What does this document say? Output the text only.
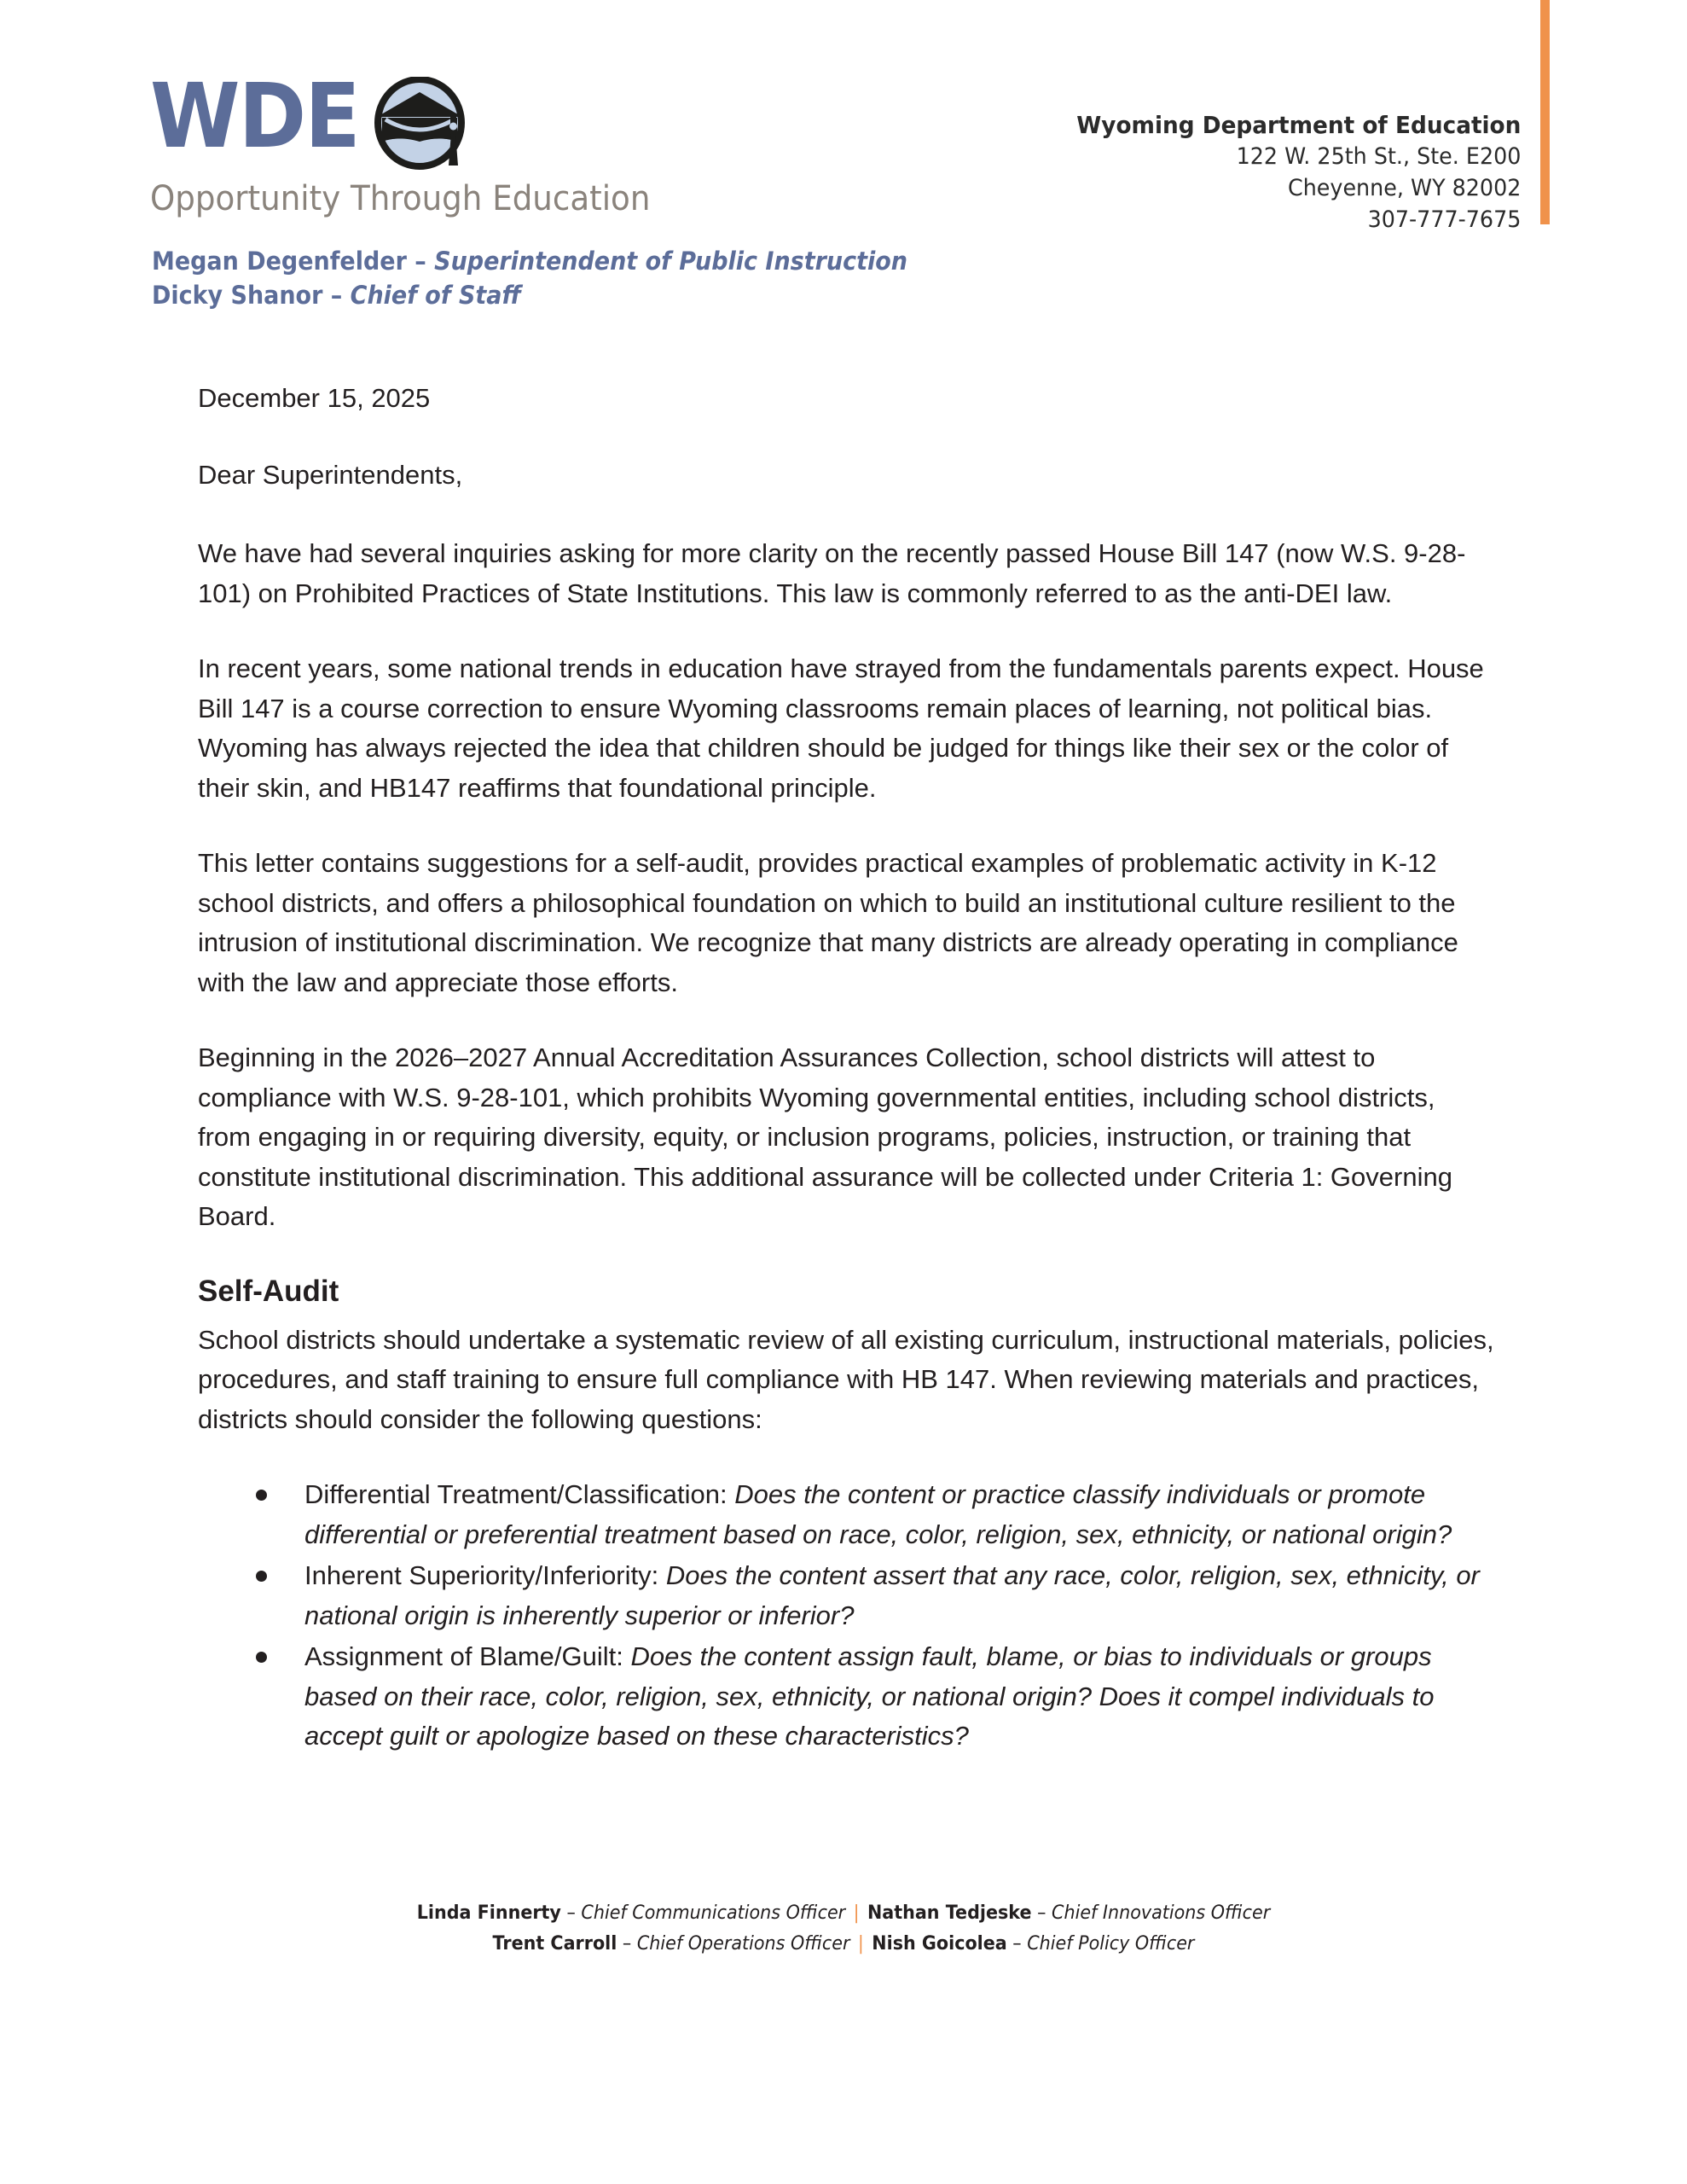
WDE
Opportunity Through Education
Megan Degenfelder – Superintendent of Public Instruction
Dicky Shanor – Chief of Staff
Wyoming Department of Education
122 W. 25th St., Ste. E200
Cheyenne, WY 82002
307-777-7675
December 15, 2025
Dear Superintendents,

We have had several inquiries asking for more clarity on the recently passed House Bill 147 (now W.S. 9-28-101) on Prohibited Practices of State Institutions. This law is commonly referred to as the anti-DEI law.

In recent years, some national trends in education have strayed from the fundamentals parents expect. House Bill 147 is a course correction to ensure Wyoming classrooms remain places of learning, not political bias. Wyoming has always rejected the idea that children should be judged for things like their sex or the color of their skin, and HB147 reaffirms that foundational principle.

This letter contains suggestions for a self-audit, provides practical examples of problematic activity in K-12 school districts, and offers a philosophical foundation on which to build an institutional culture resilient to the intrusion of institutional discrimination. We recognize that many districts are already operating in compliance with the law and appreciate those efforts.

Beginning in the 2026–2027 Annual Accreditation Assurances Collection, school districts will attest to compliance with W.S. 9-28-101, which prohibits Wyoming governmental entities, including school districts, from engaging in or requiring diversity, equity, or inclusion programs, policies, instruction, or training that constitute institutional discrimination. This additional assurance will be collected under Criteria 1: Governing Board.

Self-Audit

School districts should undertake a systematic review of all existing curriculum, instructional materials, policies, procedures, and staff training to ensure full compliance with HB 147. When reviewing materials and practices, districts should consider the following questions:

Differential Treatment/Classification: Does the content or practice classify individuals or promote differential or preferential treatment based on race, color, religion, sex, ethnicity, or national origin?
Inherent Superiority/Inferiority: Does the content assert that any race, color, religion, sex, ethnicity, or national origin is inherently superior or inferior?
Assignment of Blame/Guilt: Does the content assign fault, blame, or bias to individuals or groups based on their race, color, religion, sex, ethnicity, or national origin? Does it compel individuals to accept guilt or apologize based on these characteristics?
Linda Finnerty – Chief Communications Officer | Nathan Tedjeske – Chief Innovations Officer
Trent Carroll – Chief Operations Officer | Nish Goicolea – Chief Policy Officer
